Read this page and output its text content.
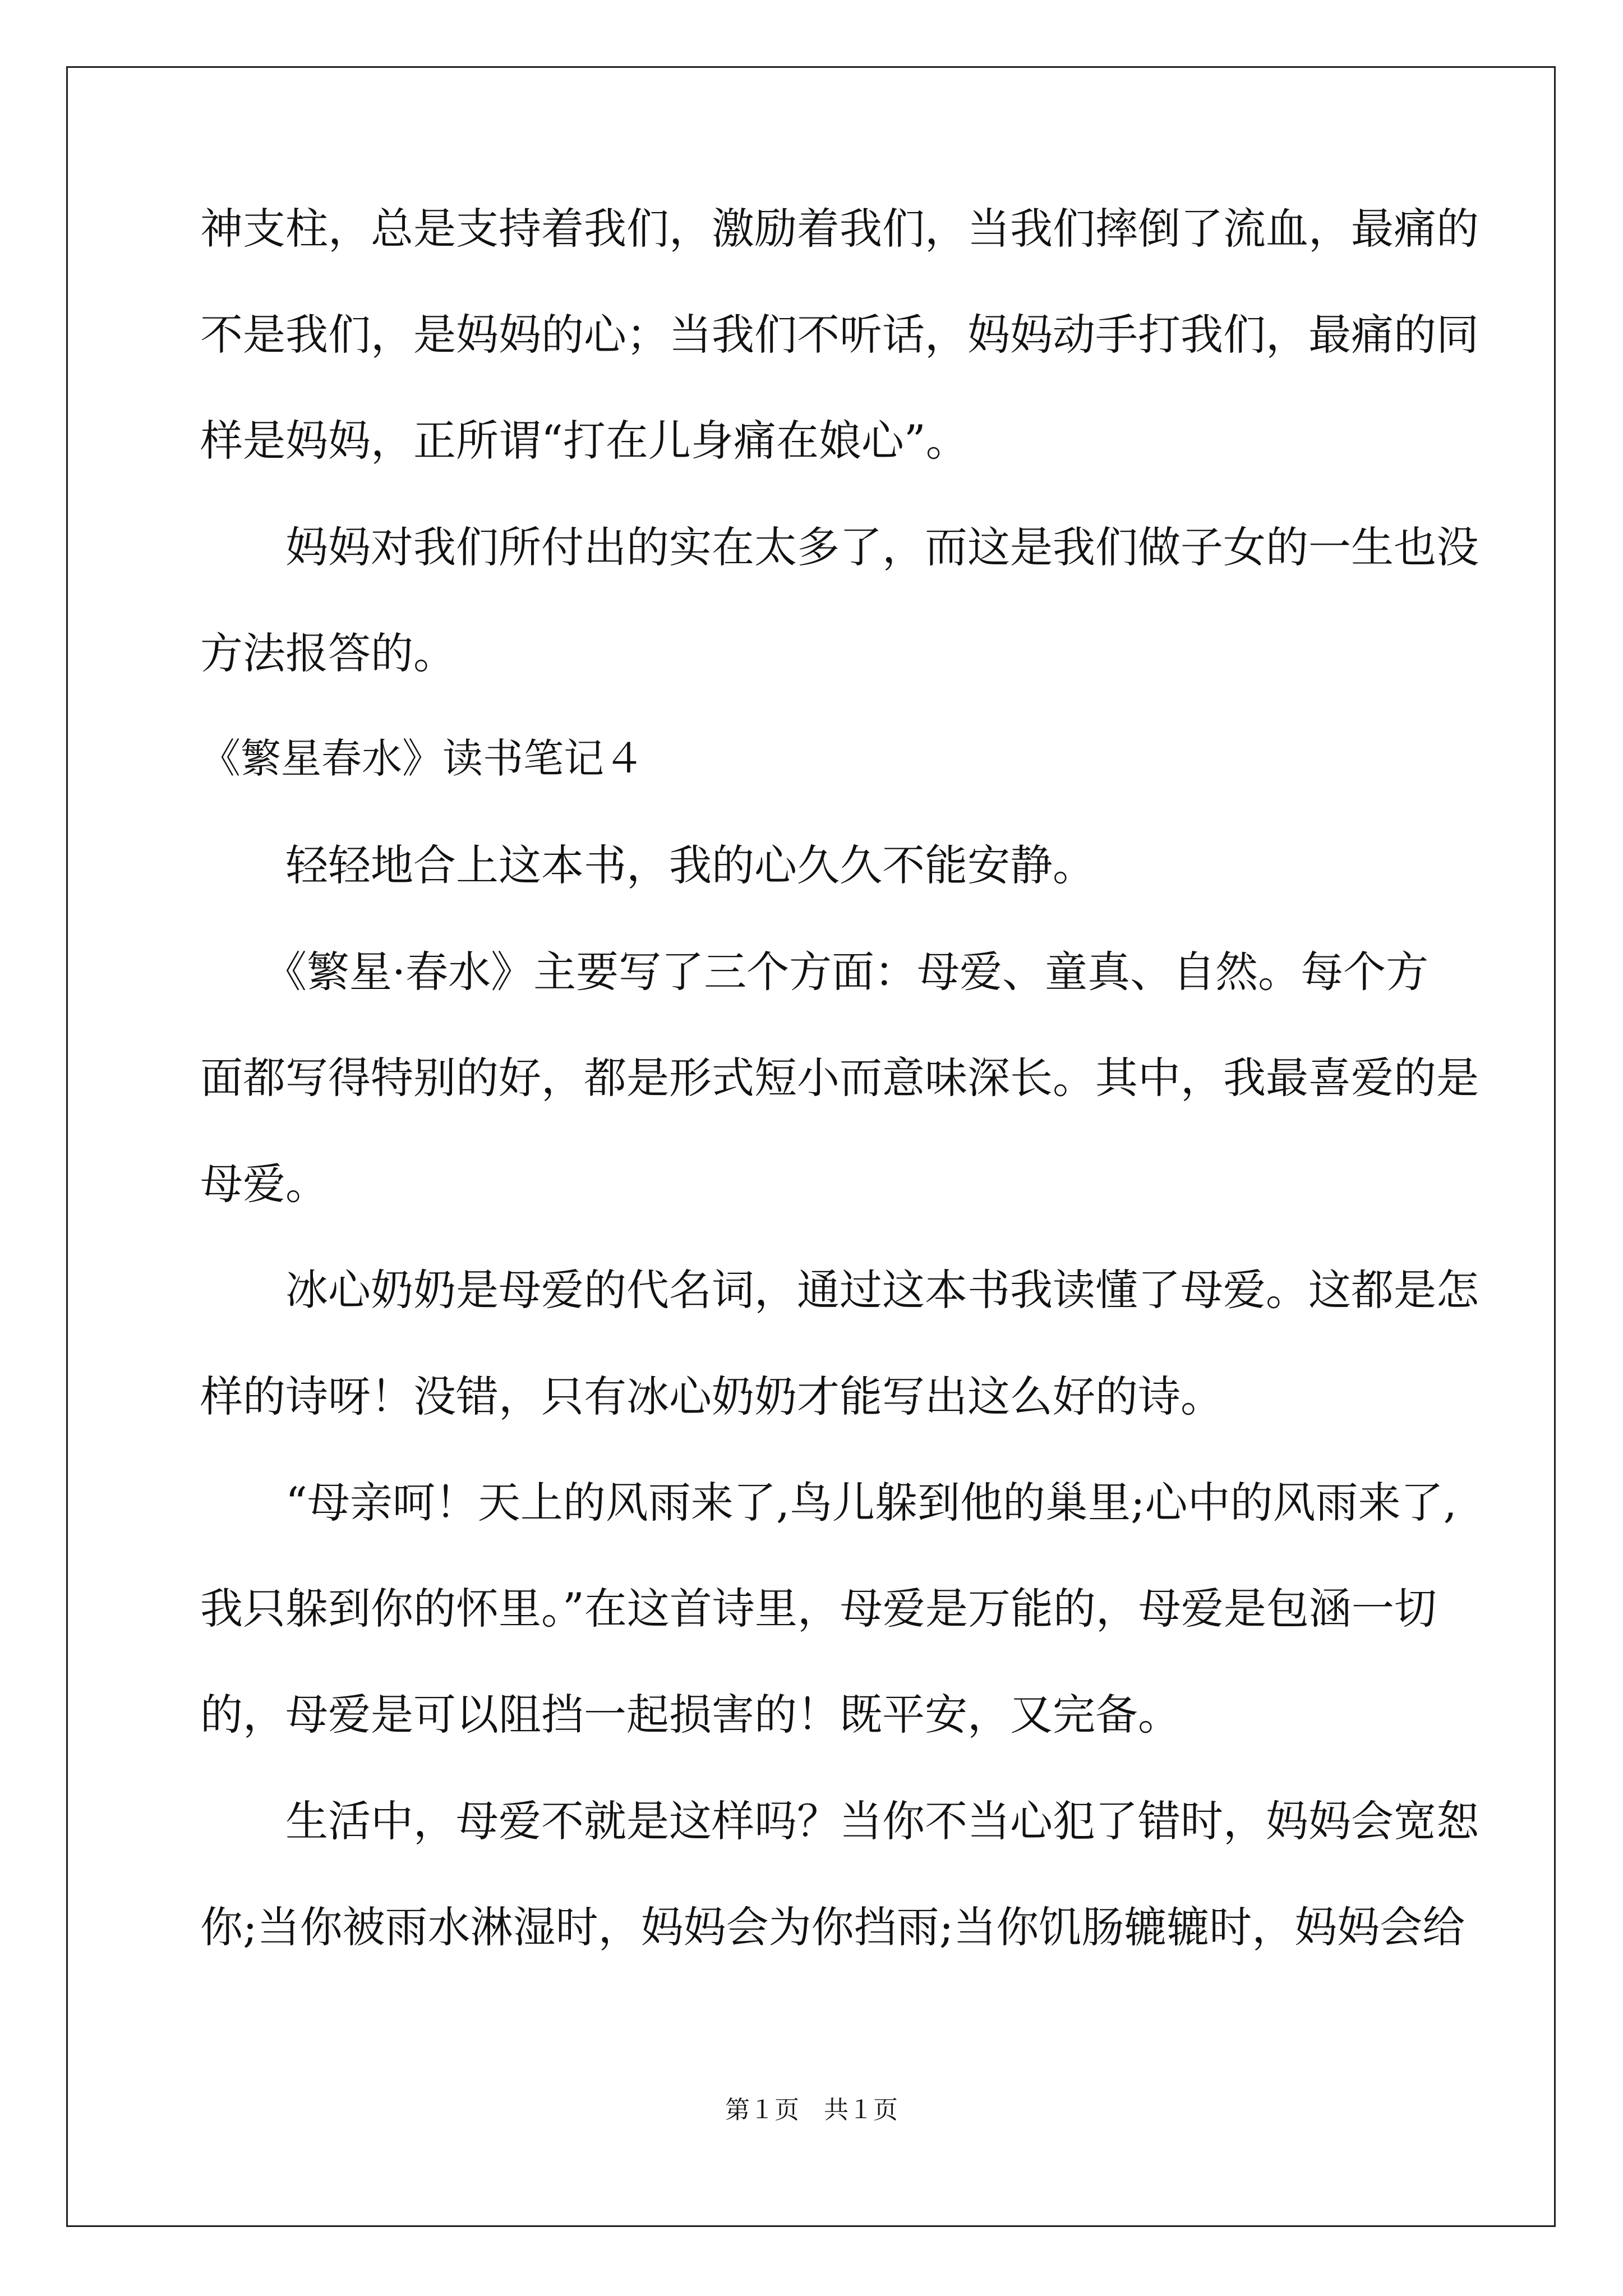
神支柱，总是支持着我们，激励着我们，当我们摔倒了流血，最痛的
不是我们，是妈妈的心；当我们不听话，妈妈动手打我们，最痛的同
样是妈妈，正所谓“打在儿身痛在娘心”。
　　妈妈对我们所付出的实在太多了，而这是我们做子女的一生也没
方法报答的。
《繁星春水》读书笔记４
　　轻轻地合上这本书，我的心久久不能安静。
　　《繁星·春水》主要写了三个方面：母爱、童真、自然。每个方
面都写得特别的好，都是形式短小而意味深长。其中，我最喜爱的是
母爱。
　　冰心奶奶是母爱的代名词，通过这本书我读懂了母爱。这都是怎
样的诗呀！没错，只有冰心奶奶才能写出这么好的诗。
　　“母亲呵！天上的风雨来了,鸟儿躲到他的巢里;心中的风雨来了,
我只躲到你的怀里。”在这首诗里，母爱是万能的，母爱是包涵一切
的，母爱是可以阻挡一起损害的！既平安，又完备。
　　生活中，母爱不就是这样吗？当你不当心犯了错时，妈妈会宽恕
你;当你被雨水淋湿时，妈妈会为你挡雨;当你饥肠辘辘时，妈妈会给
第１页　共１页
